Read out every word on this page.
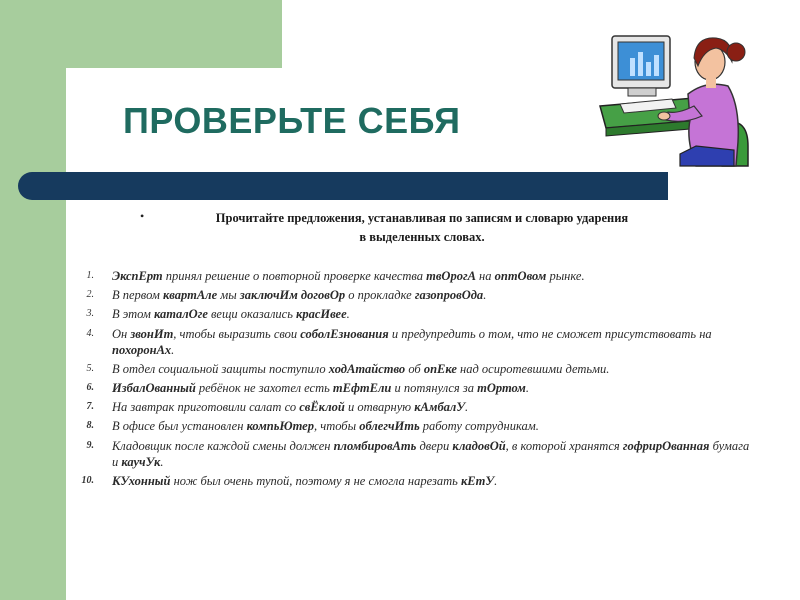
ПРОВЕРЬТЕ СЕБЯ
•	Прочитайте предложения, устанавливая по записям и словарю ударения
в выделенных словах.

1. ЭкспЕрт принял решение о повторной проверке качества твОрогА на оптОвом рынке.
2. В первом квартАле мы заключИм договОр о прокладке газопровОда.
3. В этом каталОге вещи оказались красИвее.
4. Он звонИт, чтобы выразить свои соболЕзнования и предупредить о том, что не сможет присутствовать на похоронАх.
5. В отдел социальной защиты поступило ходАтайство об опЕке над осиротевшими детьми.
6. ИзбалОванный ребёнок не захотел есть тЕфтЕли и потянулся за тОртом.
7. На завтрак приготовили салат со свЁклой и отварную кАмбалУ.
8. В офисе был установлен компьЮтер, чтобы облегчИть работу сотрудникам.
9. Кладовщик после каждой смены должен пломбировАть двери кладовОй, в которой хранятся гофрирОванная бумага и каучУк.
10. КУхонный нож был очень тупой, поэтому я не смогла нарезать кЕтУ.
